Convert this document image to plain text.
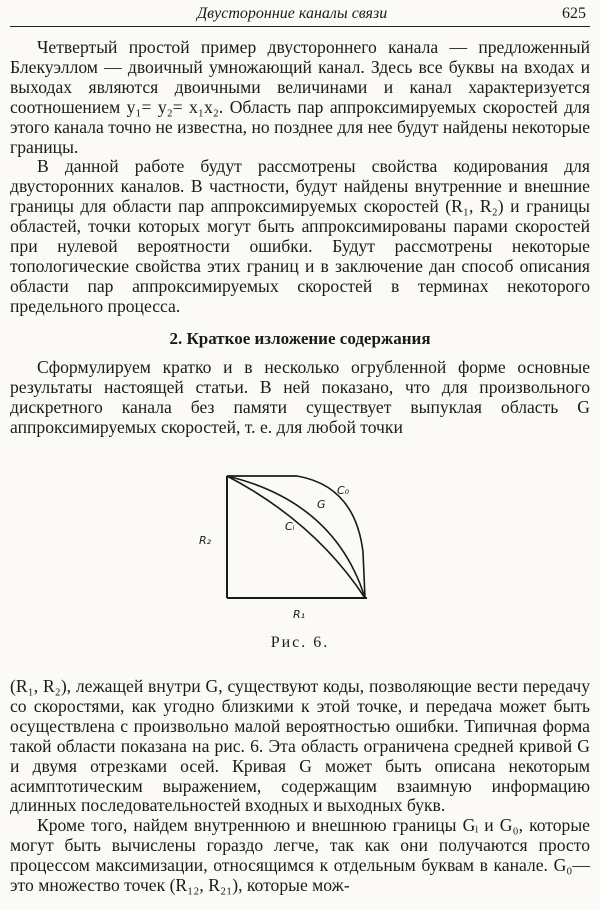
Двусторонние каналы связи	625

Четвертый простой пример двустороннего канала — предложенный Блекуэллом — двоичный умножающий канал. Здесь все буквы на входах и выходах являются двоичными величинами и канал характеризуется соотношением y₁= y₂= x₁x₂. Область пар аппроксимируемых скоростей для этого канала точно не известна, но позднее для нее будут найдены некоторые границы.

В данной работе будут рассмотрены свойства кодирования для двусторонних каналов. В частности, будут найдены внутренние и внешние границы для области пар аппроксимируемых скоростей (R₁, R₂) и границы областей, точки которых могут быть аппроксимированы парами скоростей при нулевой вероятности ошибки. Будут рассмотрены некоторые топологические свойства этих границ и в заключение дан способ описания области пар аппроксимируемых скоростей в терминах некоторого предельного процесса.

2. Краткое изложение содержания

Сформулируем кратко и в несколько огрубленной форме основные результаты настоящей статьи. В ней показано, что для произвольного дискретного канала без памяти существует выпуклая область G аппроксимируемых скоростей, т. е. для любой точки

C₀
G
Cᵢ
R₂
R₁
Рис. 6.

(R₁, R₂), лежащей внутри G, существуют коды, позволяющие вести передачу со скоростями, как угодно близкими к этой точке, и передача может быть осуществлена с произвольно малой вероятностью ошибки. Типичная форма такой области показана на рис. 6. Эта область ограничена средней кривой G и двумя отрезками осей. Кривая G может быть описана некоторым асимптотическим выражением, содержащим взаимную информацию длинных последовательностей входных и выходных букв.

Кроме того, найдем внутреннюю и внешнюю границы Gᵢ и G₀, которые могут быть вычислены гораздо легче, так как они получаются просто процессом максимизации, относящимся к отдельным буквам в канале. G₀— это множество точек (R₁₂, R₂₁), которые мож-
